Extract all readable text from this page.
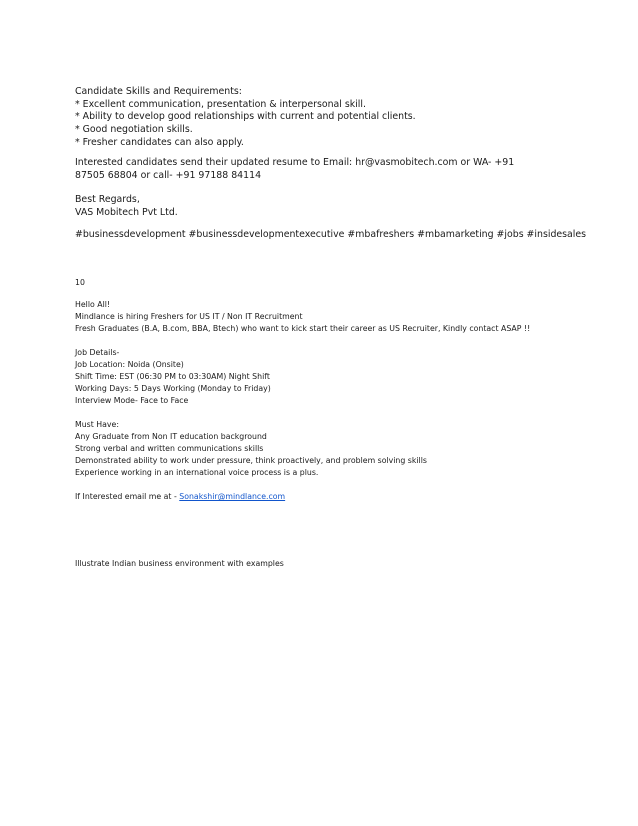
Candidate Skills and Requirements:

* Excellent communication, presentation & interpersonal skill.

* Ability to develop good relationships with current and potential clients.

* Good negotiation skills.

* Fresher candidates can also apply.

Interested candidates send their updated resume to Email: hr@vasmobitech.com or WA- +91 87505 68804 or call- +91 97188 84114

Best Regards,

VAS Mobitech Pvt Ltd.

#businessdevelopment #businessdevelopmentexecutive #mbafreshers #mbamarketing #jobs #insidesales

10

Hello All!

Mindlance is hiring Freshers for US IT / Non IT Recruitment

Fresh Graduates (B.A, B.com, BBA, Btech) who want to kick start their career as US Recruiter, Kindly contact ASAP !!

Job Details-

Job Location: Noida (Onsite)

Shift Time: EST (06:30 PM to 03:30AM) Night Shift

Working Days: 5 Days Working (Monday to Friday)

Interview Mode- Face to Face

Must Have:

Any Graduate from Non IT education background

Strong verbal and written communications skills

Demonstrated ability to work under pressure, think proactively, and problem solving skills

Experience working in an international voice process is a plus.

If Interested email me at - Sonakshir@mindlance.com

Illustrate Indian business environment with examples
